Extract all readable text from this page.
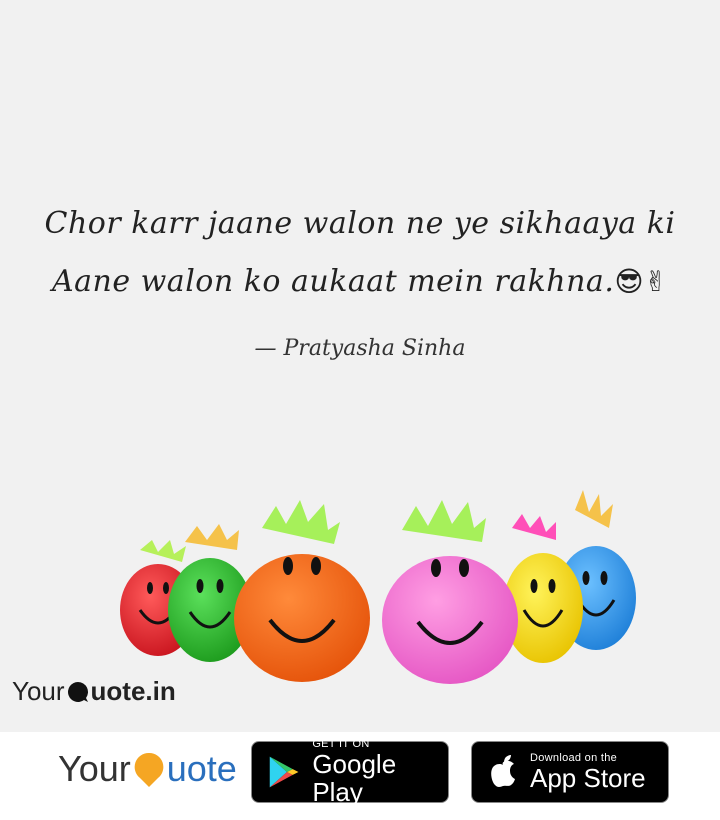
Chor karr jaane walon ne ye sikhaaya ki
Aane walon ko aukaat mein rakhna.😎✌
— Pratyasha Sinha
Your uote.in
Your uote
GET IT ON
Google Play
Download on the
App Store
